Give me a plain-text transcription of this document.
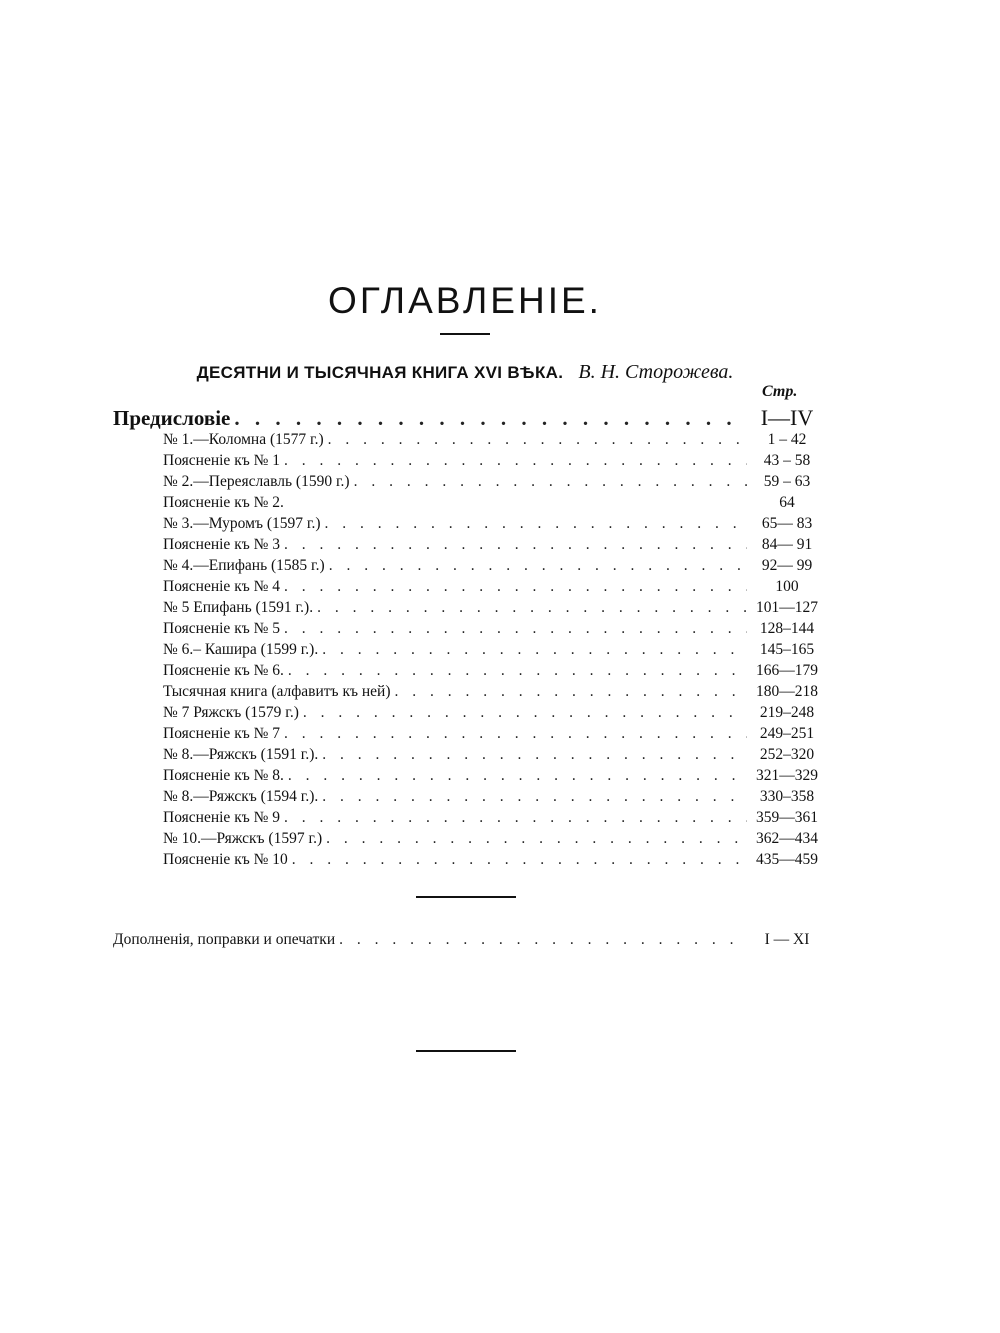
ОГЛАВЛЕНІЕ.
ДЕСЯТНИ И ТЫСЯЧНАЯ КНИГА XVI ВѢКА. В. Н. Сторожева.
Стр.
Предисловіе . . .	I—IV
№ 1.—Коломна (1577 г.) . . .	1 – 42
Поясненіе къ № 1 . . .	43 – 58
№ 2.—Переяславль (1590 г.) . . .	59 – 63
Поясненіе къ № 2.	64
№ 3.—Муромъ (1597 г.) . . .	65— 83
Поясненіе къ № 3 . . .	84— 91
№ 4.—Епифань (1585 г.) . . .	92— 99
Поясненіе къ № 4 . . .	100
№ 5 Епифань (1591 г.). . . .	101—127
Поясненіе къ № 5 . . .	128–144
№ 6.– Кашира (1599 г.). . . .	145–165
Поясненіе къ № 6. . . .	166—179
Тысячная книга (алфавитъ къ ней) . . .	180—218
№ 7 Ряжскъ (1579 г.) . . .	219–248
Поясненіе къ № 7 . . .	249–251
№ 8.—Ряжскъ (1591 г.). . . .	252–320
Поясненіе къ № 8. . . .	321—329
№ 8.—Ряжскъ (1594 г.). . . .	330–358
Поясненіе къ № 9 . . .	359—361
№ 10.—Ряжскъ (1597 г.) . . .	362—434
Поясненіе къ № 10 . . .	435—459
Дополненія, поправки и опечатки . . .	I — XI
